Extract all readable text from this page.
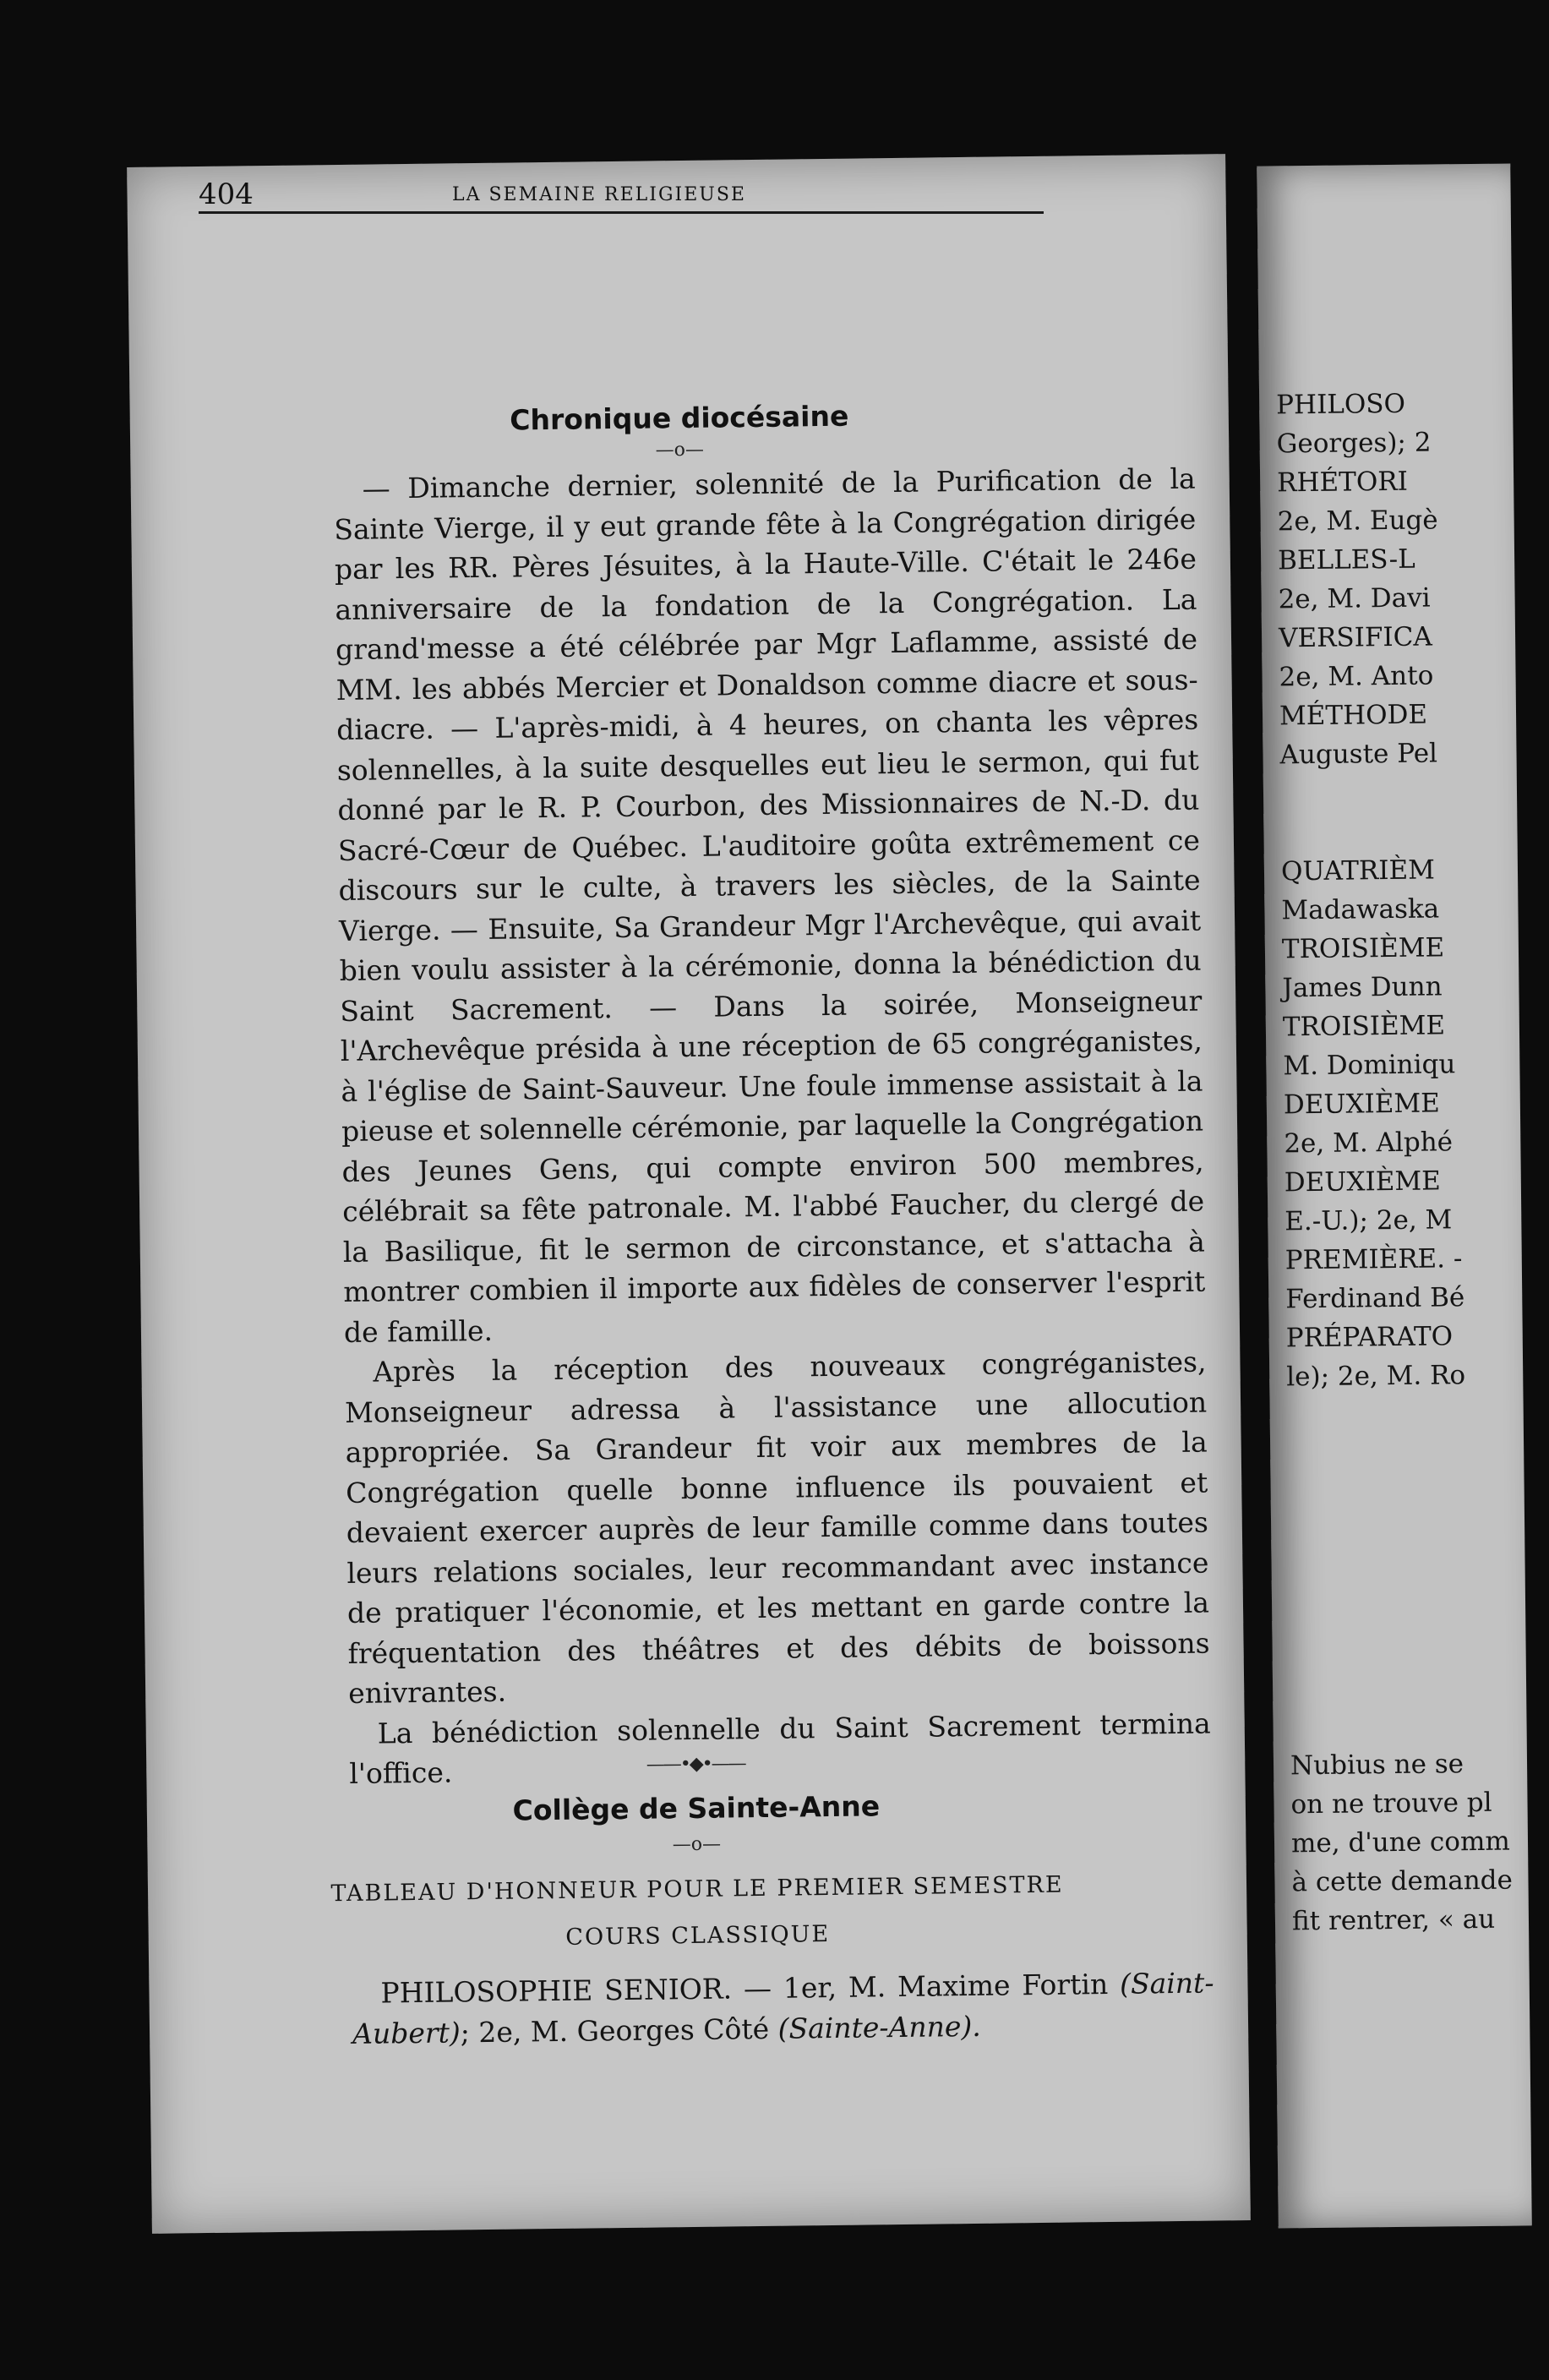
Chronique diocésaine
—o—

— Dimanche dernier, solennité de la Purification de la Sainte Vierge, il y eut grande fête à la Congrégation dirigée par les RR. Pères Jésuites, à la Haute-Ville. C'était le 246e anniversaire de la fondation de la Congrégation. La grand'messe a été célébrée par Mgr Laflamme, assisté de MM. les abbés Mercier et Donaldson comme diacre et sous-diacre. — L'après-midi, à 4 heures, on chanta les vêpres solennelles, à la suite desquelles eut lieu le sermon, qui fut donné par le R. P. Courbon, des Missionnaires de N.-D. du Sacré-Cœur de Québec. L'auditoire goûta extrêmement ce discours sur le culte, à travers les siècles, de la Sainte Vierge. — Ensuite, Sa Grandeur Mgr l'Archevêque, qui avait bien voulu assister à la cérémonie, donna la bénédiction du Saint Sacrement. — Dans la soirée, Monseigneur l'Archevêque présida à une réception de 65 congréganistes, à l'église de Saint-Sauveur. Une foule immense assistait à la pieuse et solennelle cérémonie, par laquelle la Congrégation des Jeunes Gens, qui compte environ 500 membres, célébrait sa fête patronale. M. l'abbé Faucher, du clergé de la Basilique, fit le sermon de circonstance, et s'attacha à montrer combien il importe aux fidèles de conserver l'esprit de famille.

Après la réception des nouveaux congréganistes, Monseigneur adressa à l'assistance une allocution appropriée. Sa Grandeur fit voir aux membres de la Congrégation quelle bonne influence ils pouvaient et devaient exercer auprès de leur famille comme dans toutes leurs relations sociales, leur recommandant avec instance de pratiquer l'économie, et les mettant en garde contre la fréquentation des théâtres et des débits de boissons enivrantes.

La bénédiction solennelle du Saint Sacrement termina l'office.	——•◆•——
Collège de Sainte-Anne
—o—
TABLEAU D'HONNEUR POUR LE PREMIER SEMESTRE
COURS CLASSIQUE

PHILOSOPHIE SENIOR. — 1er, M. Maxime Fortin (Saint-Aubert); 2e, M. Georges Côté (Sainte-Anne).

404	LA SEMAINE RELIGIEUSE
PHILOSO
Georges); 2
RHÉTORI
2e, M. Eugè
BELLES-L
2e, M. Davi
VERSIFICA
2e, M. Anto
MÉTHODE
Auguste Pel

QUATRIÈM
Madawaska
TROISIÈME
James Dunn
TROISIÈME
M. Dominiqu
DEUXIÈME
2e, M. Alphé
DEUXIÈME
E.-U.); 2e, M
PREMIÈRE. -
Ferdinand Bé
PRÉPARATO
le); 2e, M. Ro

Nubius ne se
on ne trouve pl
me, d'une comm
à cette demande
fit rentrer, « au
